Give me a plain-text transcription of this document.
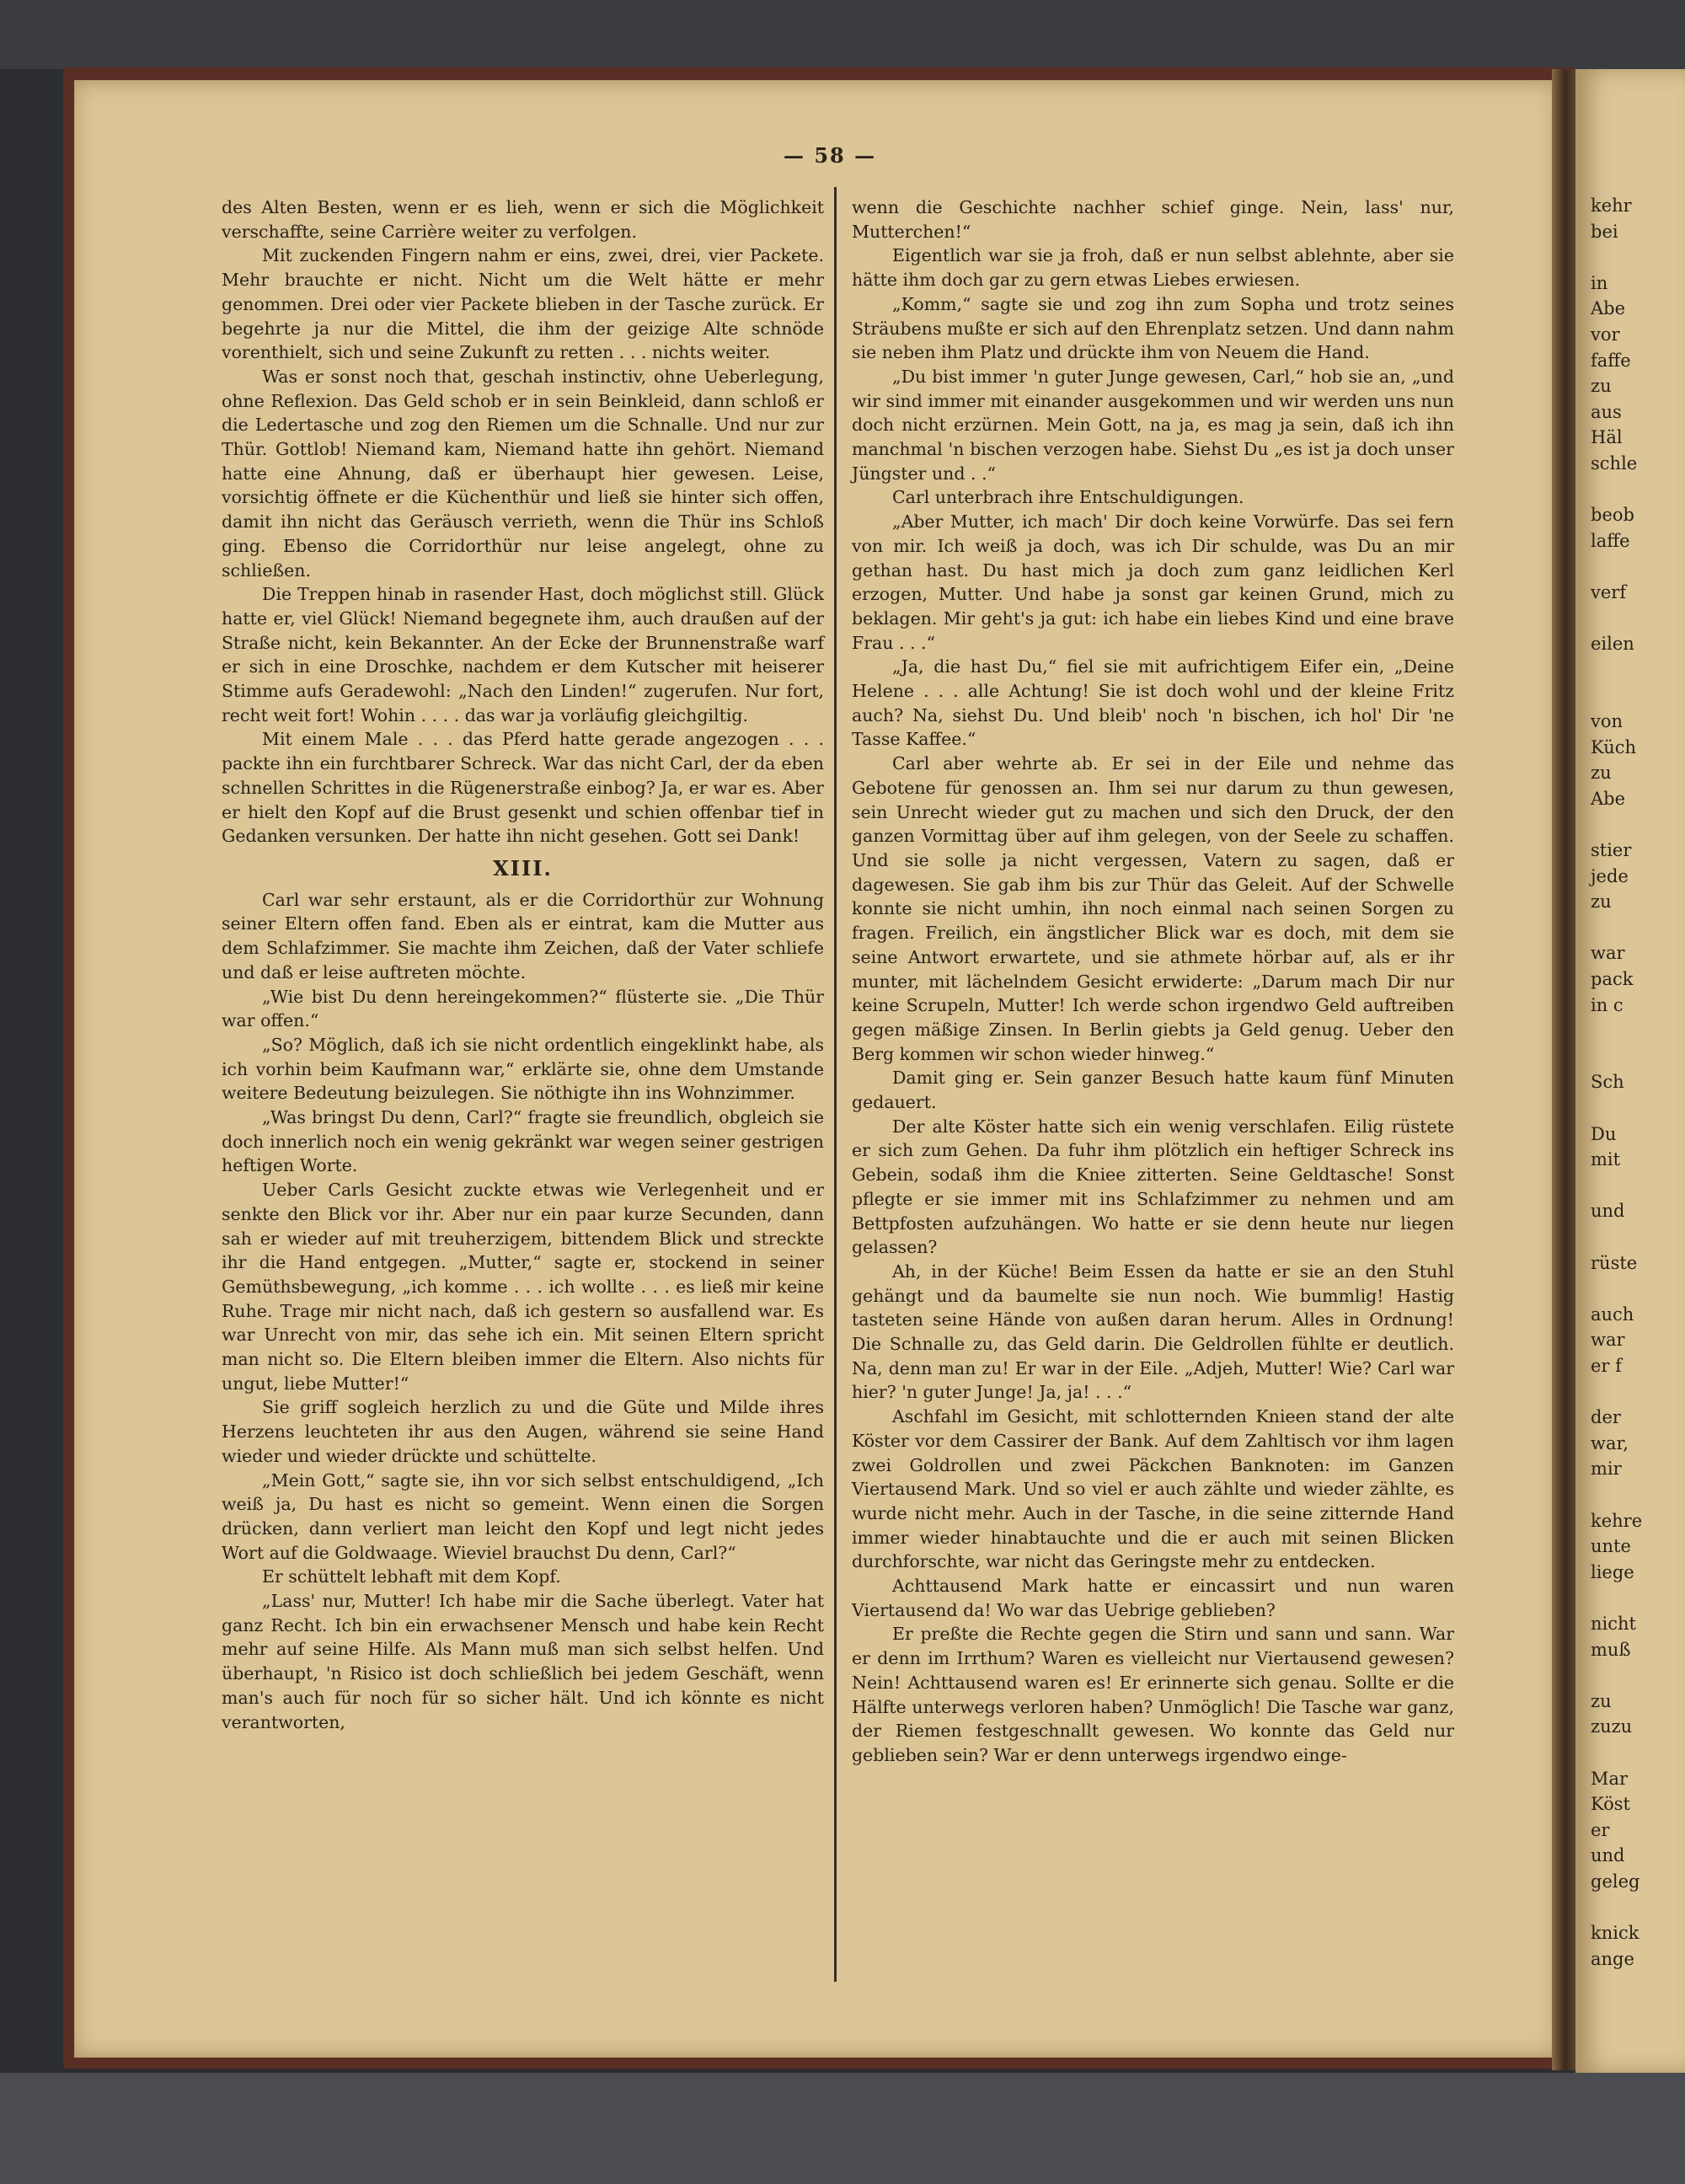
kehr
bei
in
Abe
vor
faffe
zu
aus
Häl
schle
beob
laffe
verf
eilen
von
Küch
zu
Abe
stier
jede
zu
war
pack
in c
Sch
Du
mit
und
rüste
auch
war
er f
der
war,
mir
kehre
unte
liege
nicht
muß
zu
zuzu
Mar
Köst
er
und
geleg
knick
ange
— 58 —

des Alten Besten, wenn er es lieh, wenn er sich die Möglichkeit verschaffte, seine Carrière weiter zu verfolgen.

Mit zuckenden Fingern nahm er eins, zwei, drei, vier Packete. Mehr brauchte er nicht. Nicht um die Welt hätte er mehr genommen. Drei oder vier Packete blieben in der Tasche zurück. Er begehrte ja nur die Mittel, die ihm der geizige Alte schnöde vorenthielt, sich und seine Zukunft zu retten . . . nichts weiter.

Was er sonst noch that, geschah instinctiv, ohne Ueberlegung, ohne Reflexion. Das Geld schob er in sein Beinkleid, dann schloß er die Ledertasche und zog den Riemen um die Schnalle. Und nur zur Thür. Gottlob! Niemand kam, Niemand hatte ihn gehört. Niemand hatte eine Ahnung, daß er überhaupt hier gewesen. Leise, vorsichtig öffnete er die Küchenthür und ließ sie hinter sich offen, damit ihn nicht das Geräusch verrieth, wenn die Thür ins Schloß ging. Ebenso die Corridorthür nur leise angelegt, ohne zu schließen.

Die Treppen hinab in rasender Hast, doch möglichst still. Glück hatte er, viel Glück! Niemand begegnete ihm, auch draußen auf der Straße nicht, kein Bekannter. An der Ecke der Brunnenstraße warf er sich in eine Droschke, nachdem er dem Kutscher mit heiserer Stimme aufs Geradewohl: „Nach den Linden!“ zugerufen. Nur fort, recht weit fort! Wohin . . . . das war ja vorläufig gleichgiltig.

Mit einem Male . . . das Pferd hatte gerade angezogen . . . packte ihn ein furchtbarer Schreck. War das nicht Carl, der da eben schnellen Schrittes in die Rügenerstraße einbog? Ja, er war es. Aber er hielt den Kopf auf die Brust gesenkt und schien offenbar tief in Gedanken versunken. Der hatte ihn nicht gesehen. Gott sei Dank!

XIII.

Carl war sehr erstaunt, als er die Corridorthür zur Wohnung seiner Eltern offen fand. Eben als er eintrat, kam die Mutter aus dem Schlafzimmer. Sie machte ihm Zeichen, daß der Vater schliefe und daß er leise auftreten möchte.

„Wie bist Du denn hereingekommen?“ flüsterte sie. „Die Thür war offen.“

„So? Möglich, daß ich sie nicht ordentlich eingeklinkt habe, als ich vorhin beim Kaufmann war,“ erklärte sie, ohne dem Umstande weitere Bedeutung beizulegen. Sie nöthigte ihn ins Wohnzimmer.

„Was bringst Du denn, Carl?“ fragte sie freundlich, obgleich sie doch innerlich noch ein wenig gekränkt war wegen seiner gestrigen heftigen Worte.

Ueber Carls Gesicht zuckte etwas wie Verlegenheit und er senkte den Blick vor ihr. Aber nur ein paar kurze Secunden, dann sah er wieder auf mit treuherzigem, bittendem Blick und streckte ihr die Hand entgegen. „Mutter,“ sagte er, stockend in seiner Gemüthsbewegung, „ich komme . . . ich wollte . . . es ließ mir keine Ruhe. Trage mir nicht nach, daß ich gestern so ausfallend war. Es war Unrecht von mir, das sehe ich ein. Mit seinen Eltern spricht man nicht so. Die Eltern bleiben immer die Eltern. Also nichts für ungut, liebe Mutter!“

Sie griff sogleich herzlich zu und die Güte und Milde ihres Herzens leuchteten ihr aus den Augen, während sie seine Hand wieder und wieder drückte und schüttelte.

„Mein Gott,“ sagte sie, ihn vor sich selbst entschuldigend, „Ich weiß ja, Du hast es nicht so gemeint. Wenn einen die Sorgen drücken, dann verliert man leicht den Kopf und legt nicht jedes Wort auf die Goldwaage. Wieviel brauchst Du denn, Carl?“

Er schüttelt lebhaft mit dem Kopf.

„Lass' nur, Mutter! Ich habe mir die Sache überlegt. Vater hat ganz Recht. Ich bin ein erwachsener Mensch und habe kein Recht mehr auf seine Hilfe. Als Mann muß man sich selbst helfen. Und überhaupt, 'n Risico ist doch schließlich bei jedem Geschäft, wenn man's auch für noch für so sicher hält. Und ich könnte es nicht verantworten,

wenn die Geschichte nachher schief ginge. Nein, lass' nur, Mutterchen!“

Eigentlich war sie ja froh, daß er nun selbst ablehnte, aber sie hätte ihm doch gar zu gern etwas Liebes erwiesen.

„Komm,“ sagte sie und zog ihn zum Sopha und trotz seines Sträubens mußte er sich auf den Ehrenplatz setzen. Und dann nahm sie neben ihm Platz und drückte ihm von Neuem die Hand.

„Du bist immer 'n guter Junge gewesen, Carl,“ hob sie an, „und wir sind immer mit einander ausgekommen und wir werden uns nun doch nicht erzürnen. Mein Gott, na ja, es mag ja sein, daß ich ihn manchmal 'n bischen verzogen habe. Siehst Du „es ist ja doch unser Jüngster und . .“

Carl unterbrach ihre Entschuldigungen.

„Aber Mutter, ich mach' Dir doch keine Vorwürfe. Das sei fern von mir. Ich weiß ja doch, was ich Dir schulde, was Du an mir gethan hast. Du hast mich ja doch zum ganz leidlichen Kerl erzogen, Mutter. Und habe ja sonst gar keinen Grund, mich zu beklagen. Mir geht's ja gut: ich habe ein liebes Kind und eine brave Frau . . .“

„Ja, die hast Du,“ fiel sie mit aufrichtigem Eifer ein, „Deine Helene . . . alle Achtung! Sie ist doch wohl und der kleine Fritz auch? Na, siehst Du. Und bleib' noch 'n bischen, ich hol' Dir 'ne Tasse Kaffee.“

Carl aber wehrte ab. Er sei in der Eile und nehme das Gebotene für genossen an. Ihm sei nur darum zu thun gewesen, sein Unrecht wieder gut zu machen und sich den Druck, der den ganzen Vormittag über auf ihm gelegen, von der Seele zu schaffen. Und sie solle ja nicht vergessen, Vatern zu sagen, daß er dagewesen. Sie gab ihm bis zur Thür das Geleit. Auf der Schwelle konnte sie nicht umhin, ihn noch einmal nach seinen Sorgen zu fragen. Freilich, ein ängstlicher Blick war es doch, mit dem sie seine Antwort erwartete, und sie athmete hörbar auf, als er ihr munter, mit lächelndem Gesicht erwiderte: „Darum mach Dir nur keine Scrupeln, Mutter! Ich werde schon irgendwo Geld auftreiben gegen mäßige Zinsen. In Berlin giebts ja Geld genug. Ueber den Berg kommen wir schon wieder hinweg.“

Damit ging er. Sein ganzer Besuch hatte kaum fünf Minuten gedauert.

Der alte Köster hatte sich ein wenig verschlafen. Eilig rüstete er sich zum Gehen. Da fuhr ihm plötzlich ein heftiger Schreck ins Gebein, sodaß ihm die Kniee zitterten. Seine Geldtasche! Sonst pflegte er sie immer mit ins Schlafzimmer zu nehmen und am Bettpfosten aufzuhängen. Wo hatte er sie denn heute nur liegen gelassen?

Ah, in der Küche! Beim Essen da hatte er sie an den Stuhl gehängt und da baumelte sie nun noch. Wie bummlig! Hastig tasteten seine Hände von außen daran herum. Alles in Ordnung! Die Schnalle zu, das Geld darin. Die Geldrollen fühlte er deutlich. Na, denn man zu! Er war in der Eile. „Adjeh, Mutter! Wie? Carl war hier? 'n guter Junge! Ja, ja! . . .“

Aschfahl im Gesicht, mit schlotternden Knieen stand der alte Köster vor dem Cassirer der Bank. Auf dem Zahltisch vor ihm lagen zwei Goldrollen und zwei Päckchen Banknoten: im Ganzen Viertausend Mark. Und so viel er auch zählte und wieder zählte, es wurde nicht mehr. Auch in der Tasche, in die seine zitternde Hand immer wieder hinabtauchte und die er auch mit seinen Blicken durchforschte, war nicht das Geringste mehr zu entdecken.

Achttausend Mark hatte er eincassirt und nun waren Viertausend da! Wo war das Uebrige geblieben?

Er preßte die Rechte gegen die Stirn und sann und sann. War er denn im Irrthum? Waren es vielleicht nur Viertausend gewesen? Nein! Achttausend waren es! Er erinnerte sich genau. Sollte er die Hälfte unterwegs verloren haben? Unmöglich! Die Tasche war ganz, der Riemen festgeschnallt gewesen. Wo konnte das Geld nur geblieben sein? War er denn unterwegs irgendwo einge-
